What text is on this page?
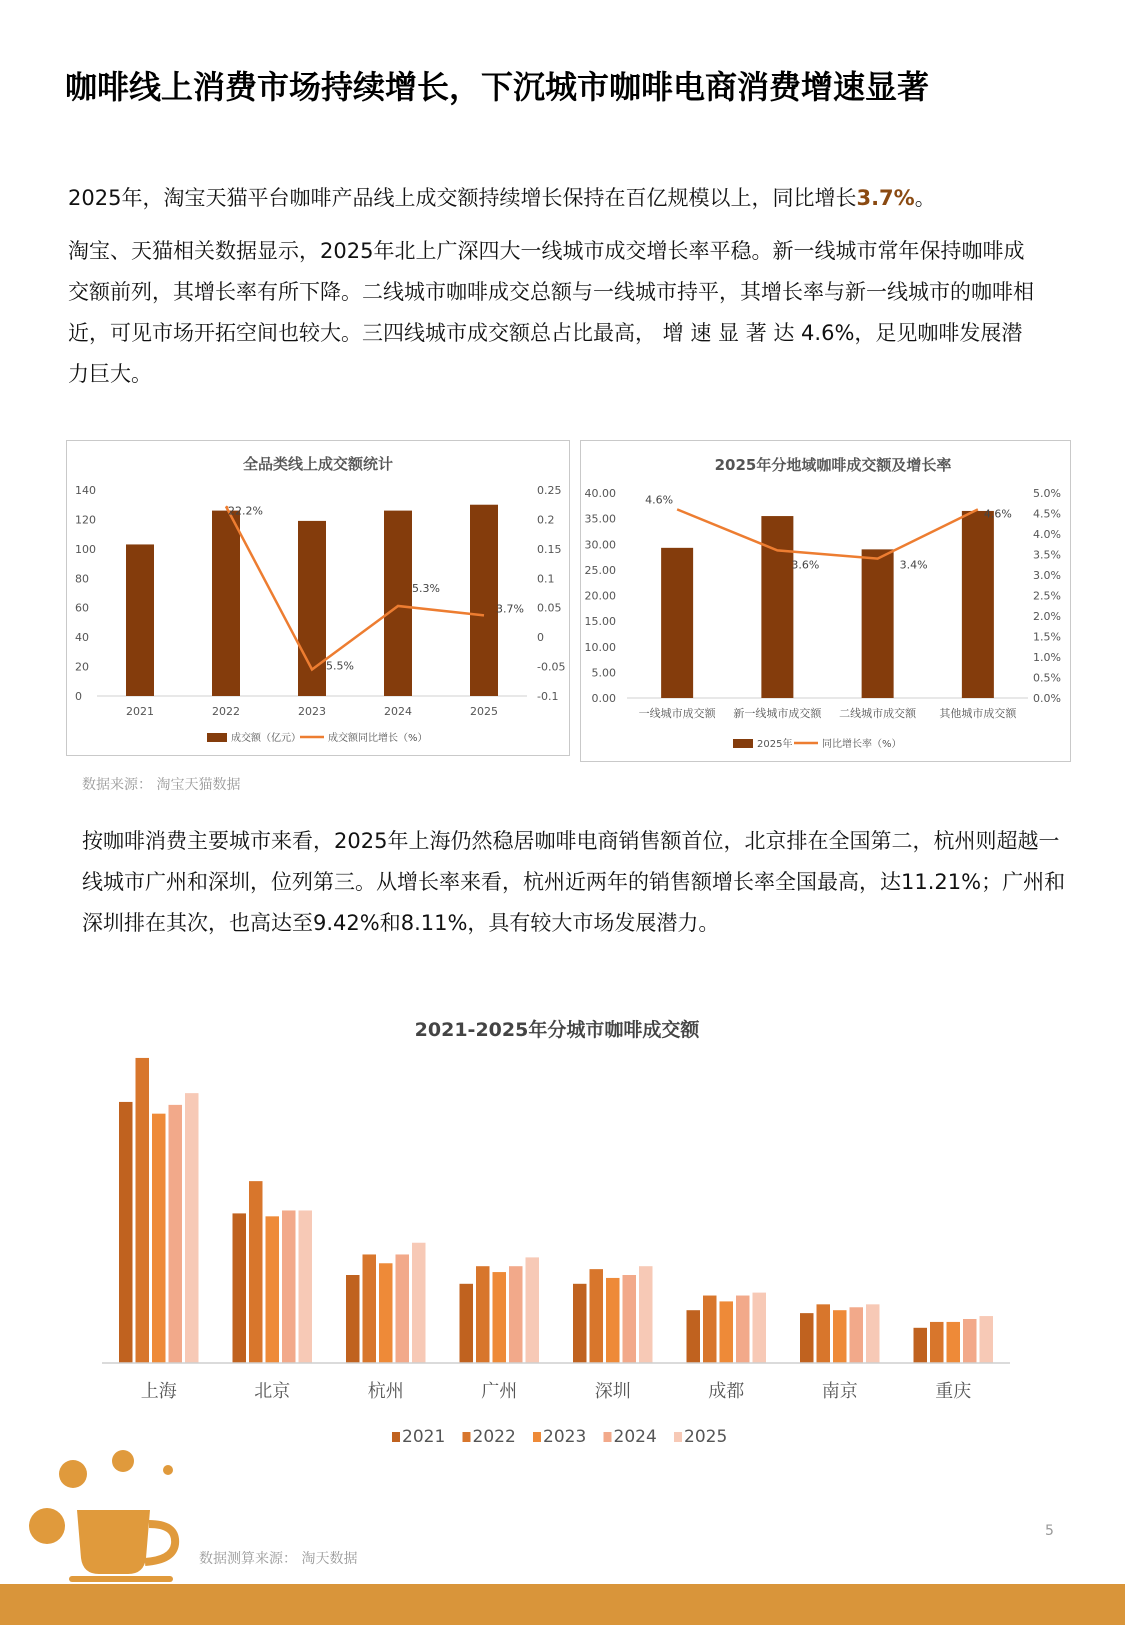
咖啡线上消费市场持续增长，下沉城市咖啡电商消费增速显著
2025年，淘宝天猫平台咖啡产品线上成交额持续增长保持在百亿规模以上，同比增长3.7%。
淘宝、天猫相关数据显示，2025年北上广深四大一线城市成交增长率平稳。新一线城市常年保持咖啡成交额前列，其增长率有所下降。二线城市咖啡成交总额与一线城市持平，其增长率与新一线城市的咖啡相近，可见市场开拓空间也较大。三四线城市成交额总占比最高， 增 速 显 著 达 4.6%，足见咖啡发展潜力巨大。
全品类线上成交额统计
0
20
40
60
80
100
120
140
-0.1
-0.05
0
0.05
0.1
0.15
0.2
0.25
2021	2022	2023	2024	2025
22.2%
5.5%
5.3%
3.7%
成交额（亿元）	成交额同比增长（%）
2025年分地域咖啡成交额及增长率
0.00
5.00
10.00
15.00
20.00
25.00
30.00
35.00
40.00
0.0%
0.5%
1.0%
1.5%
2.0%
2.5%
3.0%
3.5%
4.0%
4.5%
5.0%
一线城市成交额 新一线城市成交额 二线城市成交额 其他城市成交额
4.6%
3.6%	3.4%
4.6%
2025年	同比增长率（%）
数据来源： 淘宝天猫数据
按咖啡消费主要城市来看，2025年上海仍然稳居咖啡电商销售额首位，北京排在全国第二，杭州则超越一线城市广州和深圳，位列第三。从增长率来看，杭州近两年的销售额增长率全国最高，达11.21%；广州和深圳排在其次，也高达至9.42%和8.11%，具有较大市场发展潜力。
2021-2025年分城市咖啡成交额
上海	北京	杭州	广州	深圳	成都	南京	重庆
2021 2022 2023 2024 2025
数据测算来源： 淘天数据
5
